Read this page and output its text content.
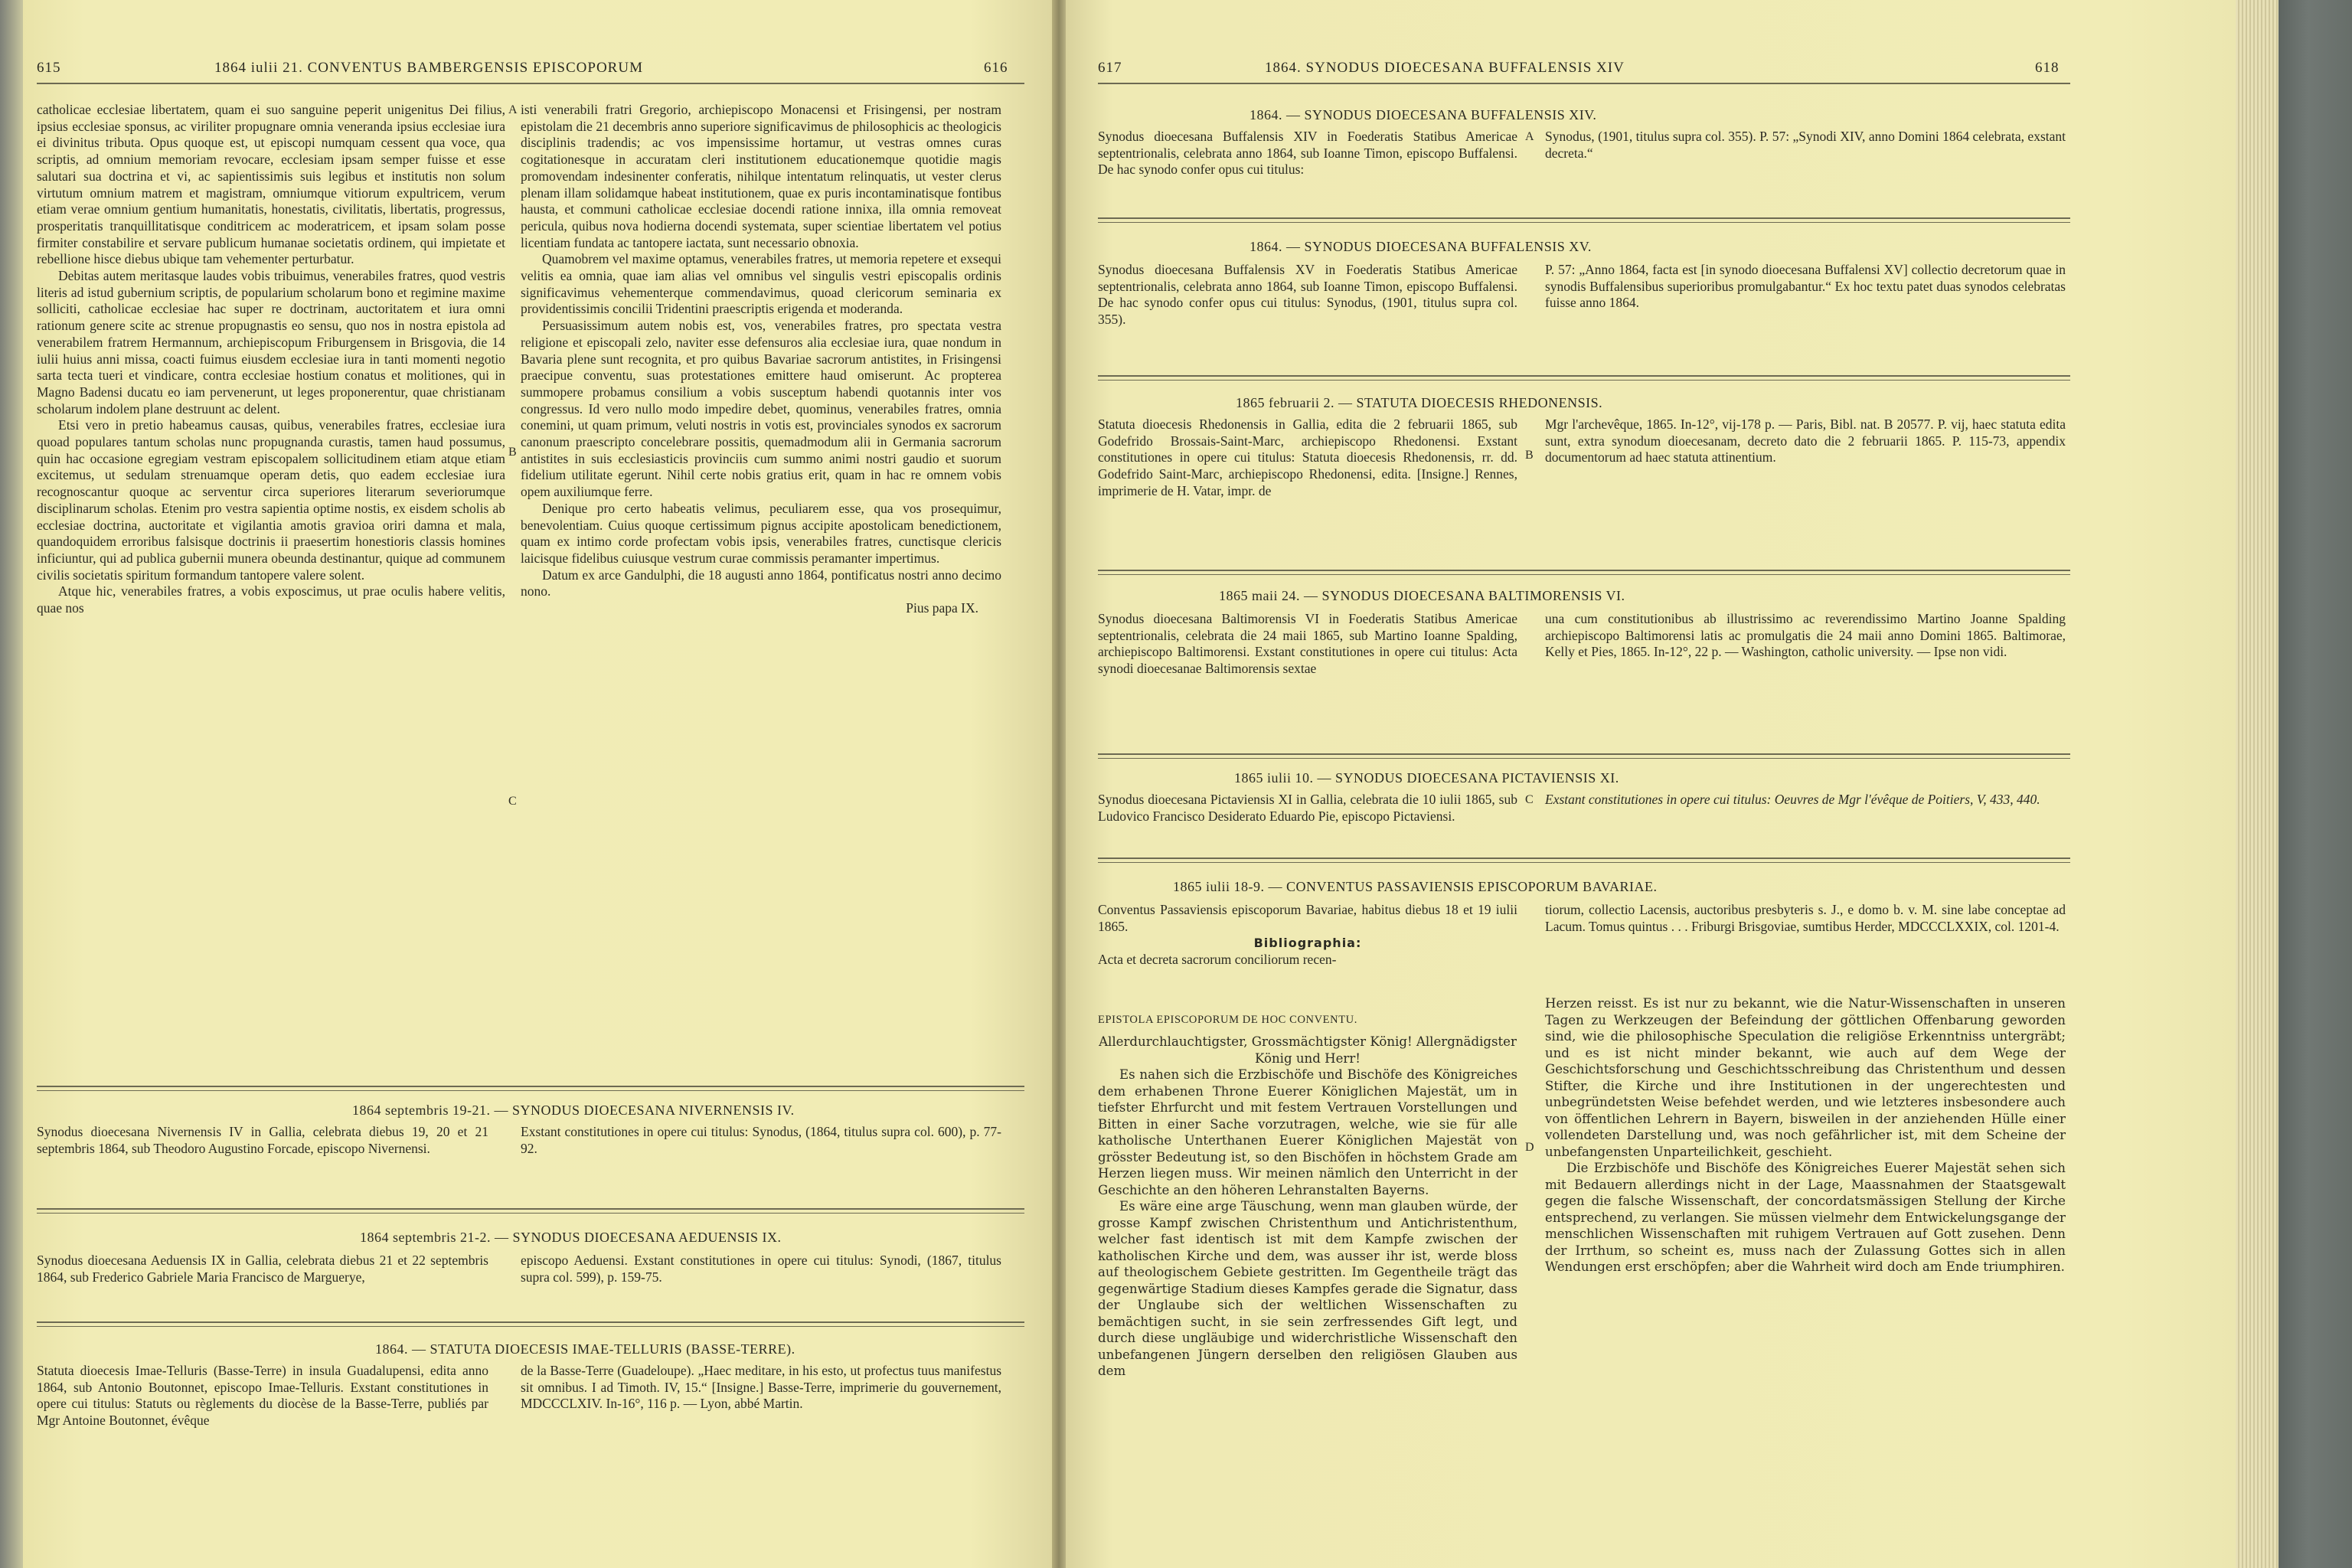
615	1864 iulii 21. CONVENTUS BAMBERGENSIS EPISCOPORUM	616

catholicae ecclesiae libertatem, quam ei suo sanguine peperit unigenitus Dei filius, ipsius ecclesiae sponsus, ac viriliter propugnare omnia veneranda ipsius ecclesiae iura ei divinitus tributa. Opus quoque est, ut episcopi numquam cessent qua voce, qua scriptis, ad omnium memoriam revocare, ecclesiam ipsam semper fuisse et esse salutari sua doctrina et vi, ac sapientissimis suis legibus et institutis non solum virtutum omnium matrem et magistram, omniumque vitiorum expultricem, verum etiam verae omnium gentium humanitatis, honestatis, civilitatis, libertatis, progressus, prosperitatis tranquillitatisque conditricem ac moderatricem, et ipsam solam posse firmiter constabilire et servare publicum humanae societatis ordinem, qui impietate et rebellione hisce diebus ubique tam vehementer perturbatur.

Debitas autem meritasque laudes vobis tribuimus, venerabiles fratres, quod vestris literis ad istud gubernium scriptis, de popularium scholarum bono et regimine maxime solliciti, catholicae ecclesiae hac super re doctrinam, auctoritatem et iura omni rationum genere scite ac strenue propugnastis eo sensu, quo nos in nostra epistola ad venerabilem fratrem Hermannum, archiepiscopum Friburgensem in Brisgovia, die 14 iulii huius anni missa, coacti fuimus eiusdem ecclesiae iura in tanti momenti negotio sarta tecta tueri et vindicare, contra ecclesiae hostium conatus et molitiones, qui in Magno Badensi ducatu eo iam pervenerunt, ut leges proponerentur, quae christianam scholarum indolem plane destruunt ac delent.

Etsi vero in pretio habeamus causas, quibus, venerabiles fratres, ecclesiae iura quoad populares tantum scholas nunc propugnanda curastis, tamen haud possumus, quin hac occasione egregiam vestram episcopalem sollicitudinem etiam atque etiam excitemus, ut sedulam strenuamque operam detis, quo eadem ecclesiae iura recognoscantur quoque ac serventur circa superiores literarum severiorumque disciplinarum scholas. Etenim pro vestra sapientia optime nostis, ex eisdem scholis ab ecclesiae doctrina, auctoritate et vigilantia amotis gravioa oriri damna et mala, quandoquidem erroribus falsisque doctrinis ii praesertim honestioris classis homines inficiuntur, qui ad publica gubernii munera obeunda destinantur, quique ad communem civilis societatis spiritum formandum tantopere valere solent.

Atque hic, venerabiles fratres, a vobis exposcimus, ut prae oculis habere velitis, quae nos

A
B
C

isti venerabili fratri Gregorio, archiepiscopo Monacensi et Frisingensi, per nostram epistolam die 21 decembris anno superiore significavimus de philosophicis ac theologicis disciplinis tradendis; ac vos impensissime hortamur, ut vestras omnes curas cogitationesque in accuratam cleri institutionem educationemque quotidie magis promovendam indesinenter conferatis, nihilque intentatum relinquatis, ut vester clerus plenam illam solidamque habeat institutionem, quae ex puris incontaminatisque fontibus hausta, et communi catholicae ecclesiae docendi ratione innixa, illa omnia removeat pericula, quibus nova hodierna docendi systemata, super scientiae libertatem vel potius licentiam fundata ac tantopere iactata, sunt necessario obnoxia.

Quamobrem vel maxime optamus, venerabiles fratres, ut memoria repetere et exsequi velitis ea omnia, quae iam alias vel omnibus vel singulis vestri episcopalis ordinis significavimus vehementerque commendavimus, quoad clericorum seminaria ex providentissimis concilii Tridentini praescriptis erigenda et moderanda.

Persuasissimum autem nobis est, vos, venerabiles fratres, pro spectata vestra religione et episcopali zelo, naviter esse defensuros alia ecclesiae iura, quae nondum in Bavaria plene sunt recognita, et pro quibus Bavariae sacrorum antistites, in Frisingensi praecipue conventu, suas protestationes emittere haud omiserunt. Ac propterea summopere probamus consilium a vobis susceptum habendi quotannis inter vos congressus. Id vero nullo modo impedire debet, quominus, venerabiles fratres, omnia conemini, ut quam primum, veluti nostris in votis est, provinciales synodos ex sacrorum canonum praescripto concelebrare possitis, quemadmodum alii in Germania sacrorum antistites in suis ecclesiasticis provinciis cum summo animi nostri gaudio et suorum fidelium utilitate egerunt. Nihil certe nobis gratius erit, quam in hac re omnem vobis opem auxiliumque ferre.

Denique pro certo habeatis velimus, peculiarem esse, qua vos prosequimur, benevolentiam. Cuius quoque certissimum pignus accipite apostolicam benedictionem, quam ex intimo corde profectam vobis ipsis, venerabiles fratres, cunctisque clericis laicisque fidelibus cuiusque vestrum curae commissis peramanter impertimus.

Datum ex arce Gandulphi, die 18 augusti anno 1864, pontificatus nostri anno decimo nono.

Pius papa IX.

1864 septembris 19-21. — SYNODUS DIOECESANA NIVERNENSIS IV.
Synodus dioecesana Nivernensis IV in Gallia, celebrata diebus 19, 20 et 21 septembris 1864, sub Theodoro Augustino Forcade, episcopo Nivernensi.
Exstant constitutiones in opere cui titulus: Synodus, (1864, titulus supra col. 600), p. 77-92.
1864 septembris 21-2. — SYNODUS DIOECESANA AEDUENSIS IX.
Synodus dioecesana Aeduensis IX in Gallia, celebrata diebus 21 et 22 septembris 1864, sub Frederico Gabriele Maria Francisco de Marguerye,
episcopo Aeduensi. Exstant constitutiones in opere cui titulus: Synodi, (1867, titulus supra col. 599), p. 159-75.
1864. — STATUTA DIOECESIS IMAE-TELLURIS (BASSE-TERRE).
Statuta dioecesis Imae-Telluris (Basse-Terre) in insula Guadalupensi, edita anno 1864, sub Antonio Boutonnet, episcopo Imae-Telluris. Exstant constitutiones in opere cui titulus: Statuts ou règlements du diocèse de la Basse-Terre, publiés par Mgr Antoine Boutonnet, évêque
de la Basse-Terre (Guadeloupe). „Haec meditare, in his esto, ut profectus tuus manifestus sit omnibus. I ad Timoth. IV, 15.“ [Insigne.] Basse-Terre, imprimerie du gouvernement, MDCCCLXIV. In-16°, 116 p. — Lyon, abbé Martin.
617	1864. SYNODUS DIOECESANA BUFFALENSIS XIV	618
1864. — SYNODUS DIOECESANA BUFFALENSIS XIV.
A
Synodus dioecesana Buffalensis XIV in Foederatis Statibus Americae septentrionalis, celebrata anno 1864, sub Ioanne Timon, episcopo Buffalensi. De hac synodo confer opus cui titulus:
Synodus, (1901, titulus supra col. 355). P. 57: „Synodi XIV, anno Domini 1864 celebrata, exstant decreta.“
1864. — SYNODUS DIOECESANA BUFFALENSIS XV.
Synodus dioecesana Buffalensis XV in Foederatis Statibus Americae septentrionalis, celebrata anno 1864, sub Ioanne Timon, episcopo Buffalensi. De hac synodo confer opus cui titulus: Synodus, (1901, titulus supra col. 355).
P. 57: „Anno 1864, facta est [in synodo dioecesana Buffalensi XV] collectio decretorum quae in synodis Buffalensibus superioribus promulgabantur.“ Ex hoc textu patet duas synodos celebratas fuisse anno 1864.
1865 februarii 2. — STATUTA DIOECESIS RHEDONENSIS.
B
Statuta dioecesis Rhedonensis in Gallia, edita die 2 februarii 1865, sub Godefrido Brossais-Saint-Marc, archiepiscopo Rhedonensi. Exstant constitutiones in opere cui titulus: Statuta dioecesis Rhedonensis, rr. dd. Godefrido Saint-Marc, archiepiscopo Rhedonensi, edita. [Insigne.] Rennes, imprimerie de H. Vatar, impr. de
Mgr l'archevêque, 1865. In-12°, vij-178 p. — Paris, Bibl. nat. B 20577. P. vij, haec statuta edita sunt, extra synodum dioecesanam, decreto dato die 2 februarii 1865. P. 115-73, appendix documentorum ad haec statuta attinentium.
1865 maii 24. — SYNODUS DIOECESANA BALTIMORENSIS VI.
Synodus dioecesana Baltimorensis VI in Foederatis Statibus Americae septentrionalis, celebrata die 24 maii 1865, sub Martino Ioanne Spalding, archiepiscopo Baltimorensi. Exstant constitutiones in opere cui titulus: Acta synodi dioecesanae Baltimorensis sextae
una cum constitutionibus ab illustrissimo ac reverendissimo Martino Joanne Spalding archiepiscopo Baltimorensi latis ac promulgatis die 24 maii anno Domini 1865. Baltimorae, Kelly et Pies, 1865. In-12°, 22 p. — Washington, catholic university. — Ipse non vidi.
1865 iulii 10. — SYNODUS DIOECESANA PICTAVIENSIS XI.
C
Synodus dioecesana Pictaviensis XI in Gallia, celebrata die 10 iulii 1865, sub Ludovico Francisco Desiderato Eduardo Pie, episcopo Pictaviensi.
Exstant constitutiones in opere cui titulus: Oeuvres de Mgr l'évêque de Poitiers, V, 433, 440.
1865 iulii 18-9. — CONVENTUS PASSAVIENSIS EPISCOPORUM BAVARIAE.

Conventus Passaviensis episcoporum Bavariae, habitus diebus 18 et 19 iulii 1865.

Bibliographia:

Acta et decreta sacrorum conciliorum recen-

tiorum, collectio Lacensis, auctoribus presbyteris s. J., e domo b. v. M. sine labe conceptae ad Lacum. Tomus quintus . . . Friburgi Brisgoviae, sumtibus Herder, MDCCCLXXIX, col. 1201-4.
EPISTOLA EPISCOPORUM DE HOC CONVENTU.

Allerdurchlauchtigster, Grossmächtigster König! Allergnädigster König und Herr!

Es nahen sich die Erzbischöfe und Bischöfe des Königreiches dem erhabenen Throne Euerer Königlichen Majestät, um in tiefster Ehrfurcht und mit festem Vertrauen Vorstellungen und Bitten in einer Sache vorzutragen, welche, wie sie für alle katholische Unterthanen Euerer Königlichen Majestät von grösster Bedeutung ist, so den Bischöfen in höchstem Grade am Herzen liegen muss. Wir meinen nämlich den Unterricht in der Geschichte an den höheren Lehranstalten Bayerns.

Es wäre eine arge Täuschung, wenn man glauben würde, der grosse Kampf zwischen Christenthum und Antichristenthum, welcher fast identisch ist mit dem Kampfe zwischen der katholischen Kirche und dem, was ausser ihr ist, werde bloss auf theologischem Gebiete gestritten. Im Gegentheile trägt das gegenwärtige Stadium dieses Kampfes gerade die Signatur, dass der Unglaube sich der weltlichen Wissenschaften zu bemächtigen sucht, in sie sein zerfressendes Gift legt, und durch diese ungläubige und widerchristliche Wissenschaft den unbefangenen Jüngern derselben den religiösen Glauben aus dem

D

Herzen reisst. Es ist nur zu bekannt, wie die Natur-Wissenschaften in unseren Tagen zu Werkzeugen der Befeindung der göttlichen Offenbarung geworden sind, wie die philosophische Speculation die religiöse Erkenntniss untergräbt; und es ist nicht minder bekannt, wie auch auf dem Wege der Geschichtsforschung und Geschichtsschreibung das Christenthum und dessen Stifter, die Kirche und ihre Institutionen in der ungerechtesten und unbegründetsten Weise befehdet werden, und wie letzteres insbesondere auch von öffentlichen Lehrern in Bayern, bisweilen in der anziehenden Hülle einer vollendeten Darstellung und, was noch gefährlicher ist, mit dem Scheine der unbefangensten Unparteilichkeit, geschieht.

Die Erzbischöfe und Bischöfe des Königreiches Euerer Majestät sehen sich mit Bedauern allerdings nicht in der Lage, Maassnahmen der Staatsgewalt gegen die falsche Wissenschaft, der concordatsmässigen Stellung der Kirche entsprechend, zu verlangen. Sie müssen vielmehr dem Entwickelungsgange der menschlichen Wissenschaften mit ruhigem Vertrauen auf Gott zusehen. Denn der Irrthum, so scheint es, muss nach der Zulassung Gottes sich in allen Wendungen erst erschöpfen; aber die Wahrheit wird doch am Ende triumphiren.
